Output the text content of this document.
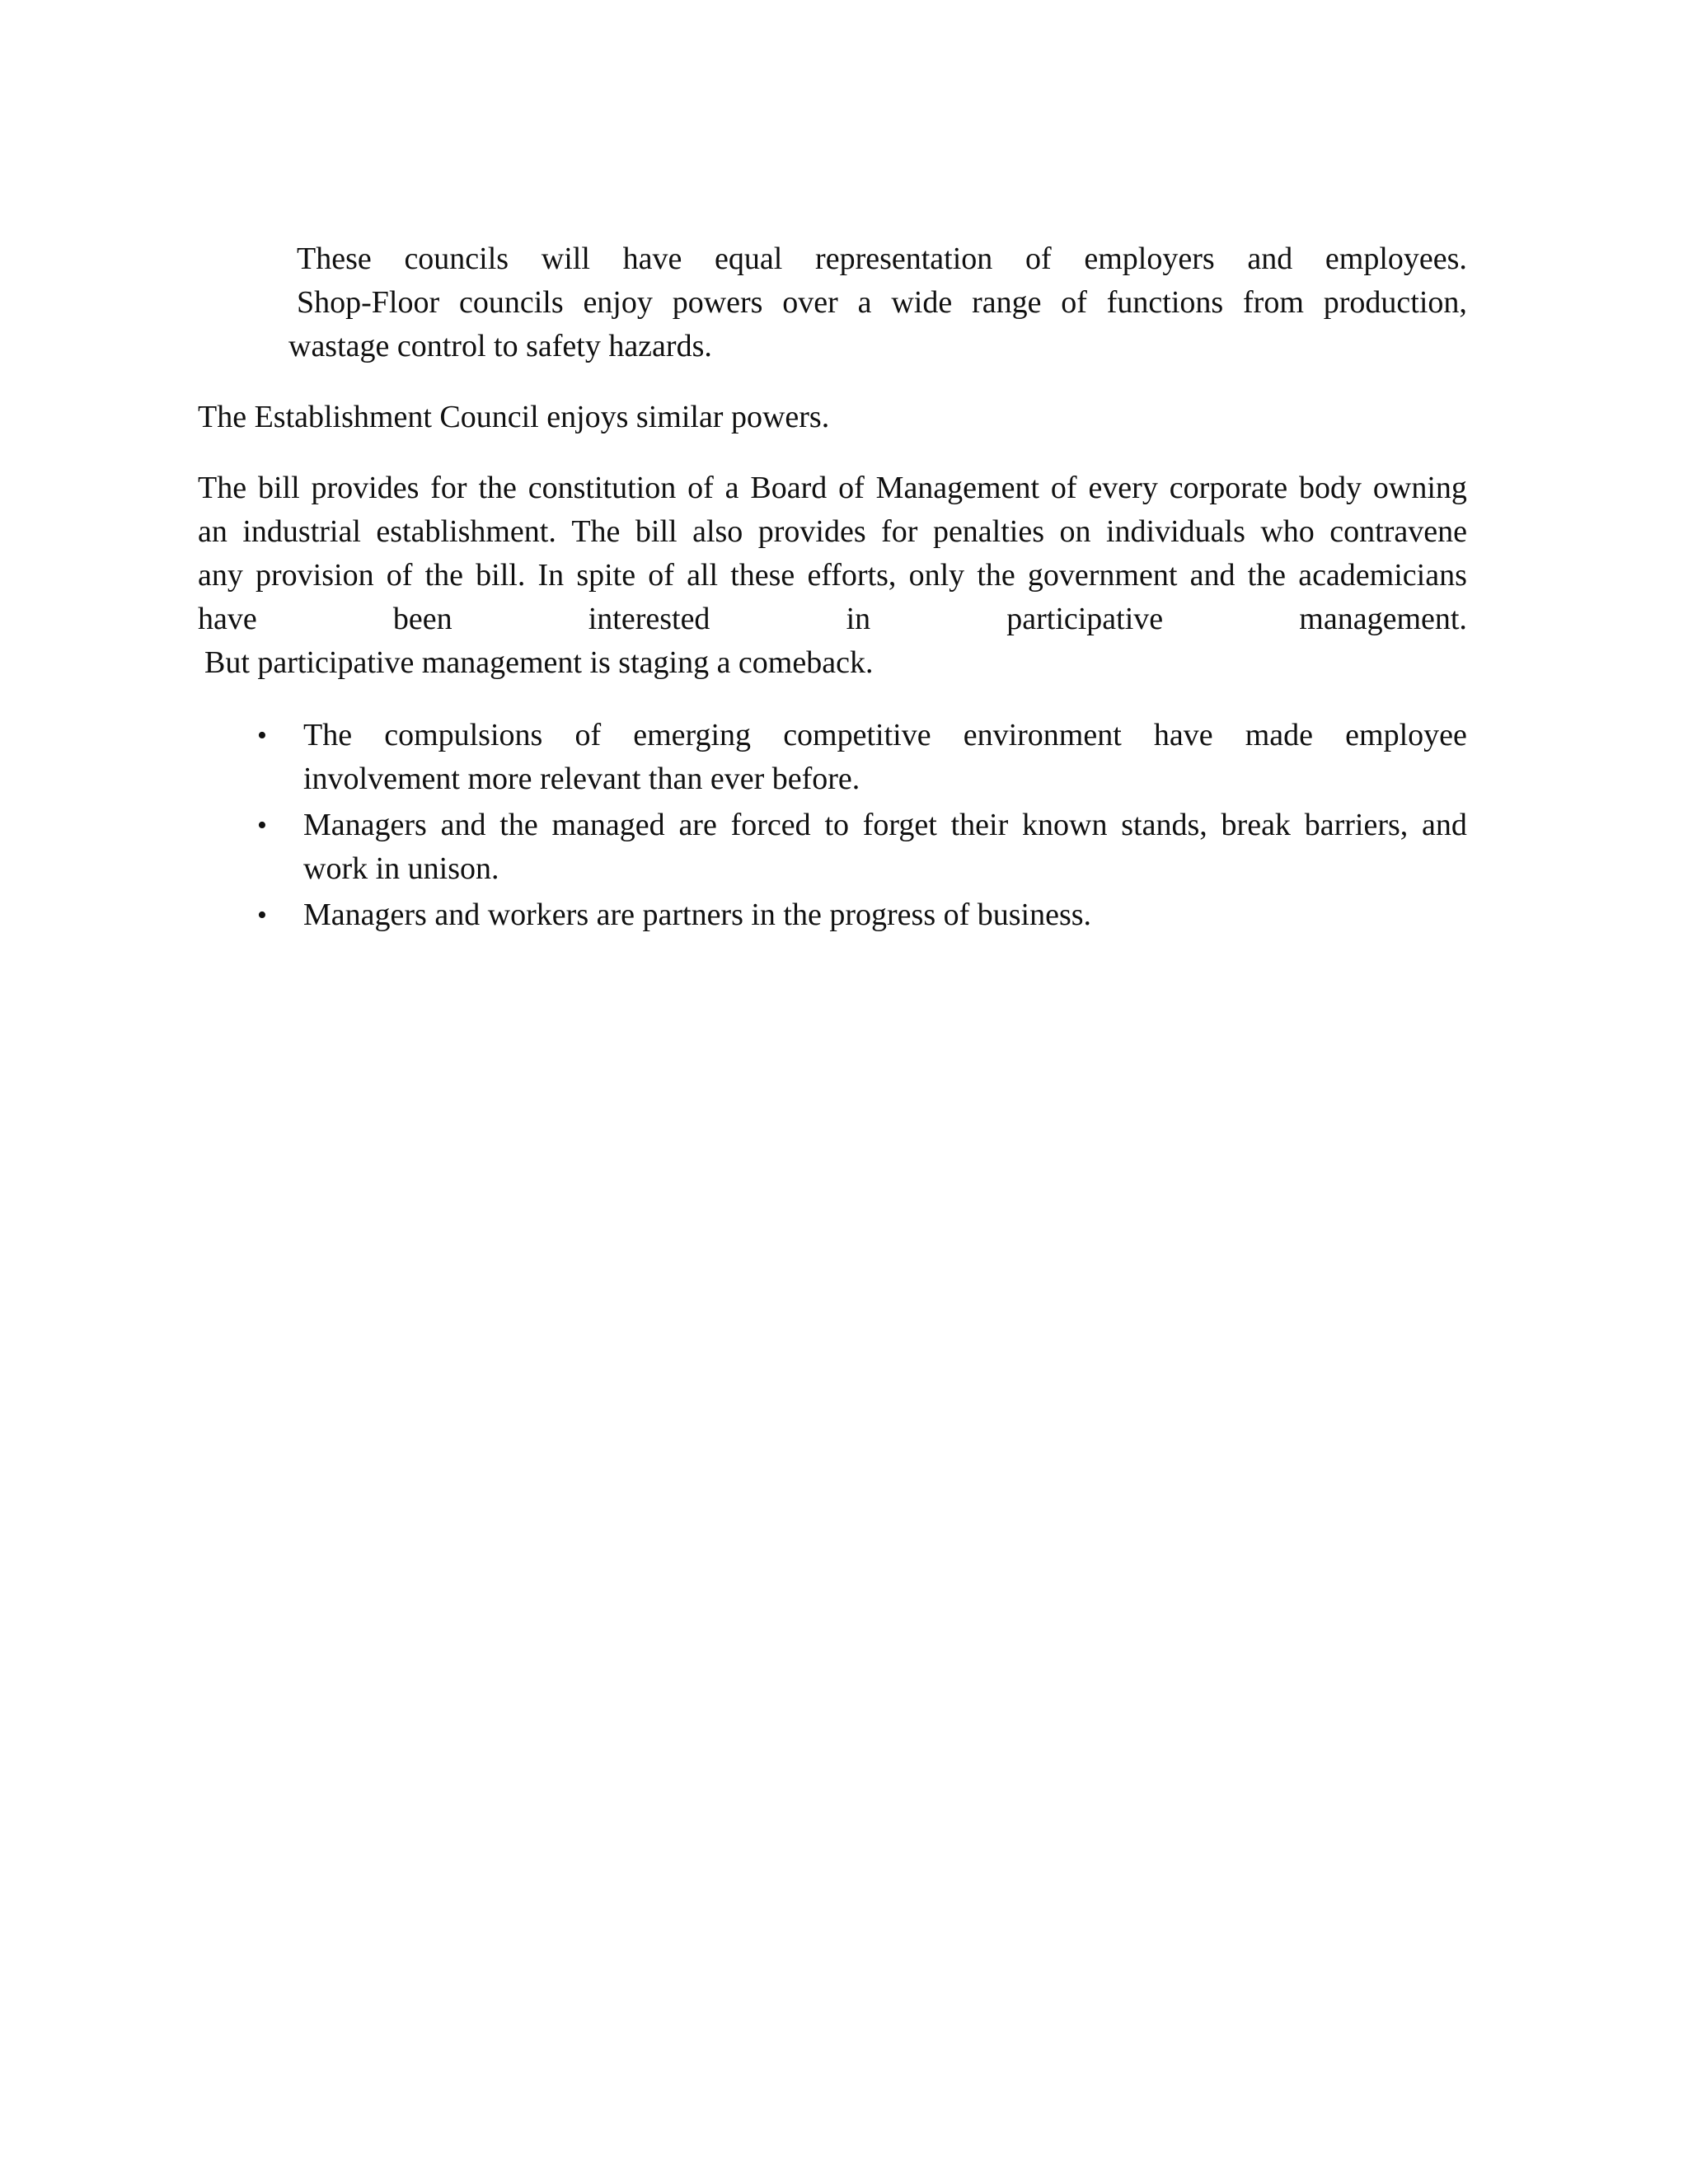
These councils will have equal representation of employers and employees.
Shop-Floor councils enjoy powers over a wide range of functions from production,
wastage control to safety hazards.
The Establishment Council enjoys similar powers.
The bill provides for the constitution of a Board of Management of every corporate body owning
an industrial establishment. The bill also provides for penalties on individuals who contravene
any provision of the bill. In spite of all these efforts, only the government and the academicians
have	been	interested	in	participative	management.
But participative management is staging a comeback.
• The compulsions of emerging competitive environment have made employee
involvement more relevant than ever before.
• Managers and the managed are forced to forget their known stands, break barriers, and
work in unison.
• Managers and workers are partners in the progress of business.
